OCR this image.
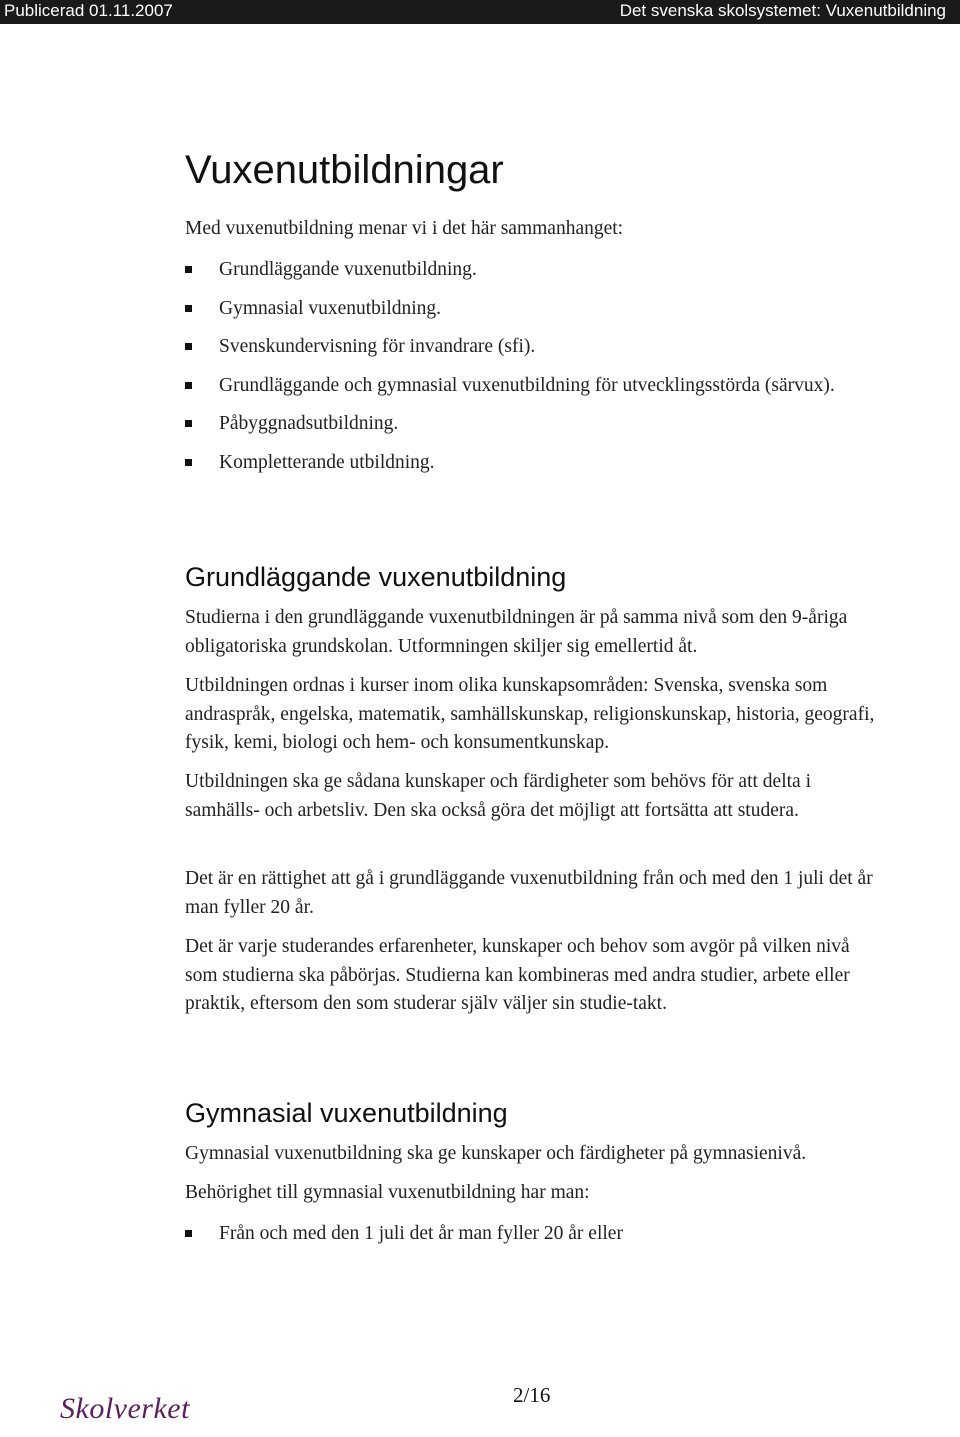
Publicerad 01.11.2007	Det svenska skolsystemet: Vuxenutbildning
Vuxenutbildningar

Med vuxenutbildning menar vi i det här sammanhanget:

Grundläggande vuxenutbildning.
Gymnasial vuxenutbildning.
Svenskundervisning för invandrare (sfi).
Grundläggande och gymnasial vuxenutbildning för utvecklingsstörda (särvux).
Påbyggnadsutbildning.
Kompletterande utbildning.
Grundläggande vuxenutbildning

Studierna i den grundläggande vuxenutbildningen är på samma nivå som den 9-åriga obligatoriska grundskolan. Utformningen skiljer sig emellertid åt.

Utbildningen ordnas i kurser inom olika kunskapsområden: Svenska, svenska som andraspråk, engelska, matematik, samhällskunskap, religionskunskap, historia, geografi, fysik, kemi, biologi och hem- och konsumentkunskap.

Utbildningen ska ge sådana kunskaper och färdigheter som behövs för att delta i samhälls- och arbetsliv. Den ska också göra det möjligt att fortsätta att studera.

Det är en rättighet att gå i grundläggande vuxenutbildning från och med den 1 juli det år man fyller 20 år.

Det är varje studerandes erfarenheter, kunskaper och behov som avgör på vilken nivå som studierna ska påbörjas. Studierna kan kombineras med andra studier, arbete eller praktik, eftersom den som studerar själv väljer sin studie-takt.

Gymnasial vuxenutbildning

Gymnasial vuxenutbildning ska ge kunskaper och färdigheter på gymnasienivå.

Behörighet till gymnasial vuxenutbildning har man:

Från och med den 1 juli det år man fyller 20 år eller
Skolverket	2/16
